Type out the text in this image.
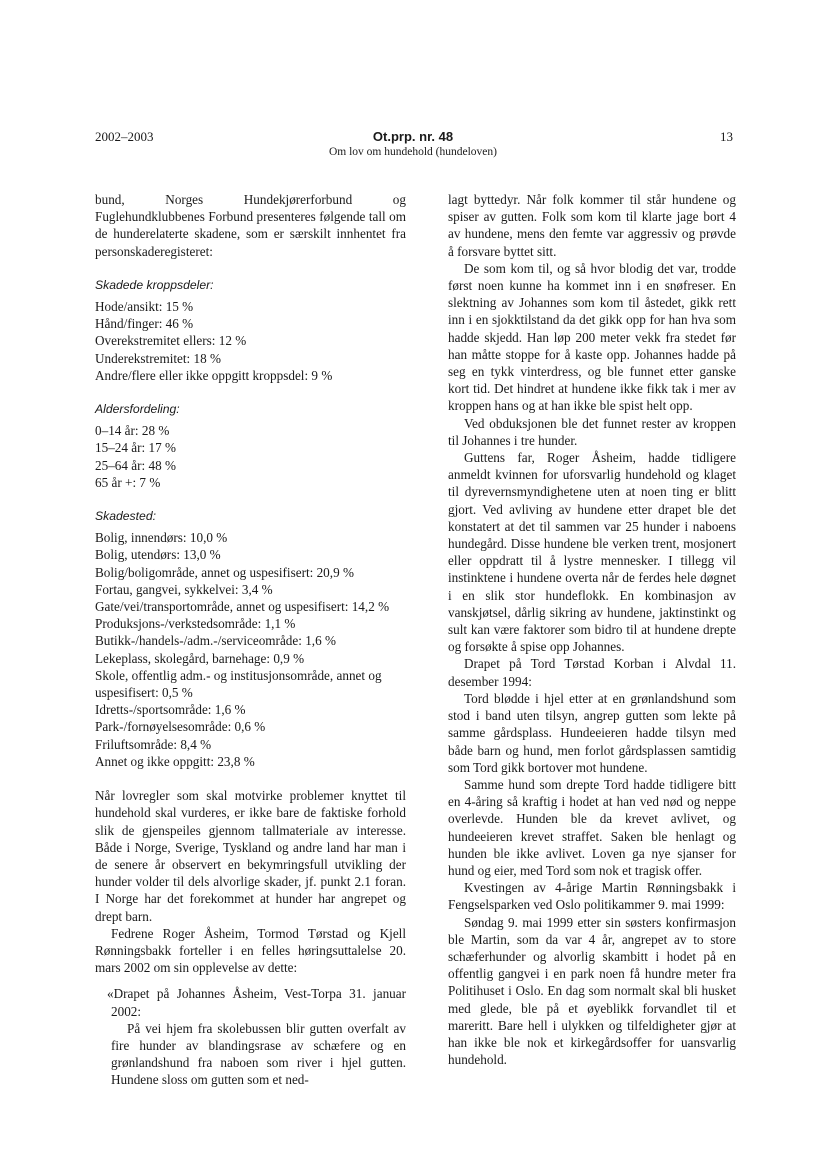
2002–2003	Ot.prp. nr. 48
Om lov om hundehold (hundeloven)
13

bund, Norges Hundekjørerforbund og Fuglehundklubbenes Forbund presenteres følgende tall om de hunderelaterte skadene, som er særskilt innhentet fra personskaderegisteret:

Skadede kroppsdeler:
Hode/ansikt: 15 %
Hånd/finger: 46 %
Overekstremitet ellers: 12 %
Underekstremitet: 18 %
Andre/flere eller ikke oppgitt kroppsdel: 9 %
Aldersfordeling:
0–14 år: 28 %
15–24 år: 17 %
25–64 år: 48 %
65 år +: 7 %
Skadested:
Bolig, innendørs: 10,0 %
Bolig, utendørs: 13,0 %
Bolig/boligområde, annet og uspesifisert: 20,9 %
Fortau, gangvei, sykkelvei: 3,4 %
Gate/vei/transportområde, annet og uspesifisert: 14,2 %
Produksjons-/verkstedsområde: 1,1 %
Butikk-/handels-/adm.-/serviceområde: 1,6 %
Lekeplass, skolegård, barnehage: 0,9 %
Skole, offentlig adm.- og institusjonsområde, annet og uspesifisert: 0,5 %
Idretts-/sportsområde: 1,6 %
Park-/fornøyelsesområde: 0,6 %
Friluftsområde: 8,4 %
Annet og ikke oppgitt: 23,8 %

Når lovregler som skal motvirke problemer knyttet til hundehold skal vurderes, er ikke bare de faktiske forhold slik de gjenspeiles gjennom tallmateriale av interesse. Både i Norge, Sverige, Tyskland og andre land har man i de senere år observert en bekymringsfull utvikling der hunder volder til dels alvorlige skader, jf. punkt 2.1 foran. I Norge har det forekommet at hunder har angrepet og drept barn.

Fedrene Roger Åsheim, Tormod Tørstad og Kjell Rønningsbakk forteller i en felles høringsuttalelse 20. mars 2002 om sin opplevelse av dette:

«Drapet på Johannes Åsheim, Vest-Torpa 31. januar 2002:

På vei hjem fra skolebussen blir gutten overfalt av fire hunder av blandingsrase av schæfere og en grønlandshund fra naboen som river i hjel gutten. Hundene sloss om gutten som et ned-

lagt byttedyr. Når folk kommer til står hundene og spiser av gutten. Folk som kom til klarte jage bort 4 av hundene, mens den femte var aggressiv og prøvde å forsvare byttet sitt.

De som kom til, og så hvor blodig det var, trodde først noen kunne ha kommet inn i en snøfreser. En slektning av Johannes som kom til åstedet, gikk rett inn i en sjokktilstand da det gikk opp for han hva som hadde skjedd. Han løp 200 meter vekk fra stedet før han måtte stoppe for å kaste opp. Johannes hadde på seg en tykk vinterdress, og ble funnet etter ganske kort tid. Det hindret at hundene ikke fikk tak i mer av kroppen hans og at han ikke ble spist helt opp.

Ved obduksjonen ble det funnet rester av kroppen til Johannes i tre hunder.

Guttens far, Roger Åsheim, hadde tidligere anmeldt kvinnen for uforsvarlig hundehold og klaget til dyrevernsmyndighetene uten at noen ting er blitt gjort. Ved avliving av hundene etter drapet ble det konstatert at det til sammen var 25 hunder i naboens hundegård. Disse hundene ble verken trent, mosjonert eller oppdratt til å lystre mennesker. I tillegg vil instinktene i hundene overta når de ferdes hele døgnet i en slik stor hundeflokk. En kombinasjon av vanskjøtsel, dårlig sikring av hundene, jaktinstinkt og sult kan være faktorer som bidro til at hundene drepte og forsøkte å spise opp Johannes.

Drapet på Tord Tørstad Korban i Alvdal 11. desember 1994:

Tord blødde i hjel etter at en grønlandshund som stod i band uten tilsyn, angrep gutten som lekte på samme gårdsplass. Hundeeieren hadde tilsyn med både barn og hund, men forlot gårdsplassen samtidig som Tord gikk bortover mot hundene.

Samme hund som drepte Tord hadde tidligere bitt en 4-åring så kraftig i hodet at han ved nød og neppe overlevde. Hunden ble da krevet avlivet, og hundeeieren krevet straffet. Saken ble henlagt og hunden ble ikke avlivet. Loven ga nye sjanser for hund og eier, med Tord som nok et tragisk offer.

Kvestingen av 4-årige Martin Rønningsbakk i Fengselsparken ved Oslo politikammer 9. mai 1999:

Søndag 9. mai 1999 etter sin søsters konfirmasjon ble Martin, som da var 4 år, angrepet av to store schæferhunder og alvorlig skambitt i hodet på en offentlig gangvei i en park noen få hundre meter fra Politihuset i Oslo. En dag som normalt skal bli husket med glede, ble på et øyeblikk forvandlet til et mareritt. Bare hell i ulykken og tilfeldigheter gjør at han ikke ble nok et kirkegårdsoffer for uansvarlig hundehold.
